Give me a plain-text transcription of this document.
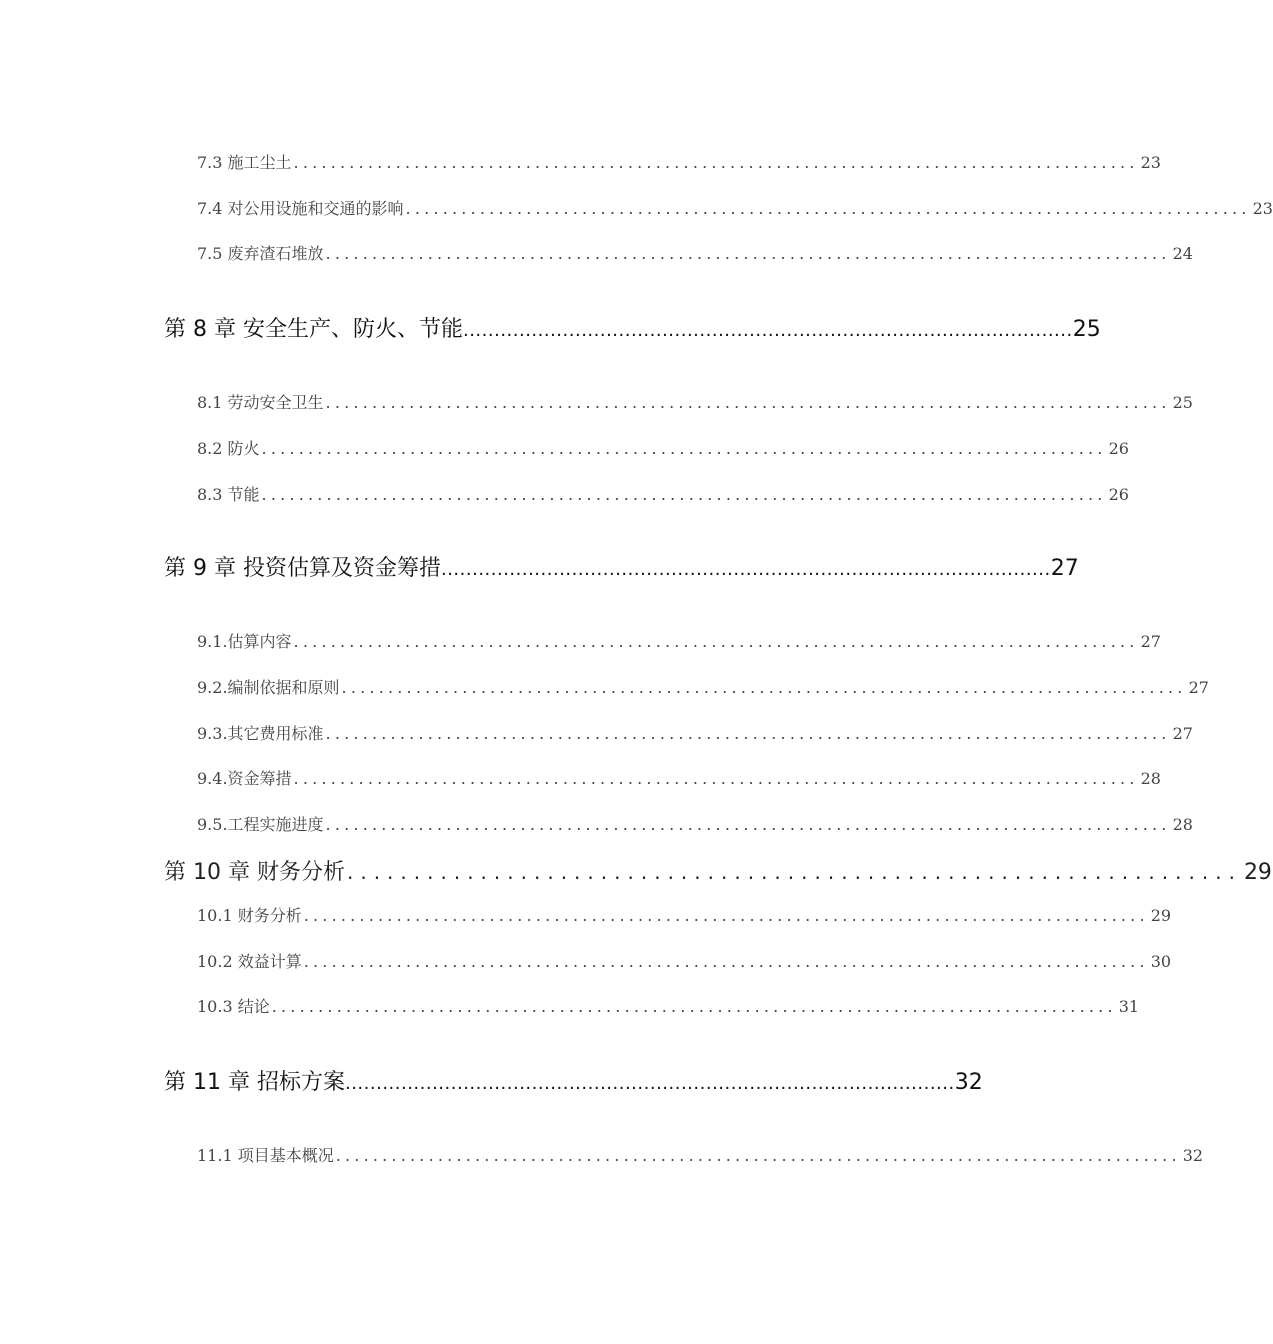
7.3 施工尘土 ........................................................................................... 23
7.4 对公用设施和交通的影响 ........................................................................................... 23
7.5 废弃渣石堆放 ........................................................................................... 24
第 8 章 安全生产、防火、节能 .................................................................................................. 25
8.1 劳动安全卫生 ........................................................................................... 25
8.2 防火 ........................................................................................... 26
8.3 节能 ........................................................................................... 26
第 9 章 投资估算及资金筹措 .................................................................................................. 27
9.1.估算内容 ........................................................................................... 27
9.2.编制依据和原则 ........................................................................................... 27
9.3.其它费用标准 ........................................................................................... 27
9.4.资金筹措 ........................................................................................... 28
9.5.工程实施进度 ........................................................................................... 28
第 10 章 财务分析 ................................................................... 29
10.1 财务分析 ........................................................................................... 29
10.2 效益计算 ........................................................................................... 30
10.3 结论 ........................................................................................... 31
第 11 章 招标方案 .................................................................................................. 32
11.1 项目基本概况 ........................................................................................... 32
